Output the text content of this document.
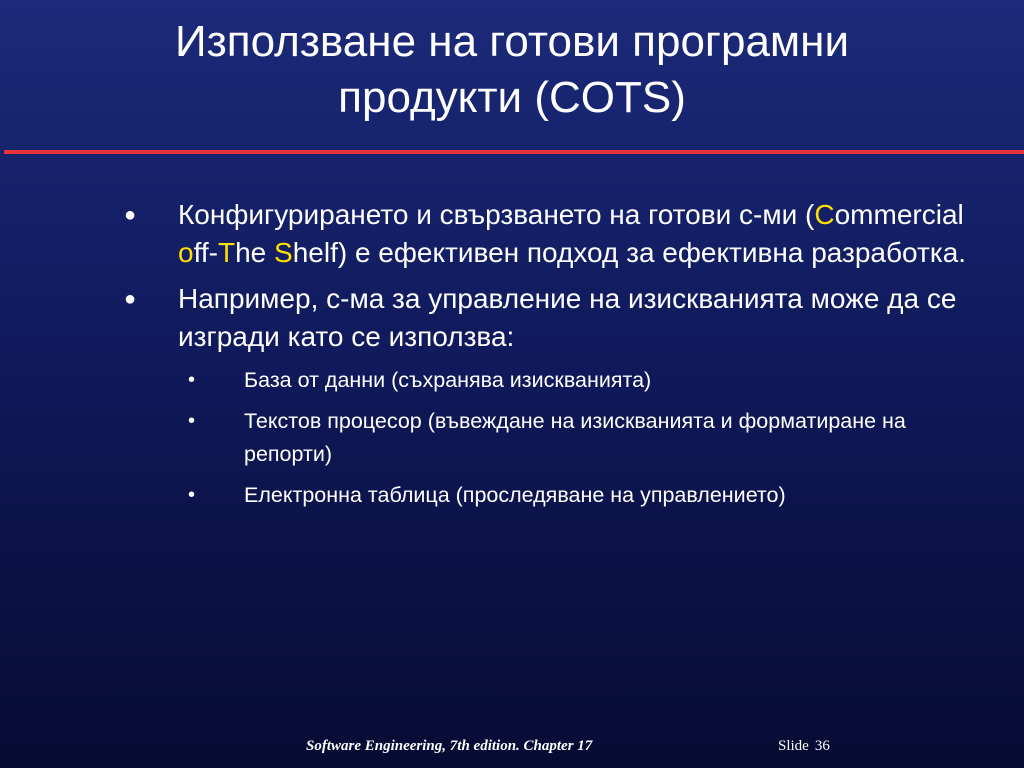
Използване на готови програмни
продукти (COTS)
● Конфигурирането и свързването на готови с-ми (Commercial off-The Shelf) е ефективен подход за ефективна разработка.
● Например, с-ма за управление на изискванията може да се изгради като се използва:
• База от данни (съхранява изискванията)
• Текстов процесор (въвеждане на изискванията и форматиране на репорти)
• Електронна таблица (проследяване на управлението)
Software Engineering, 7th edition. Chapter 17	Slide 36
